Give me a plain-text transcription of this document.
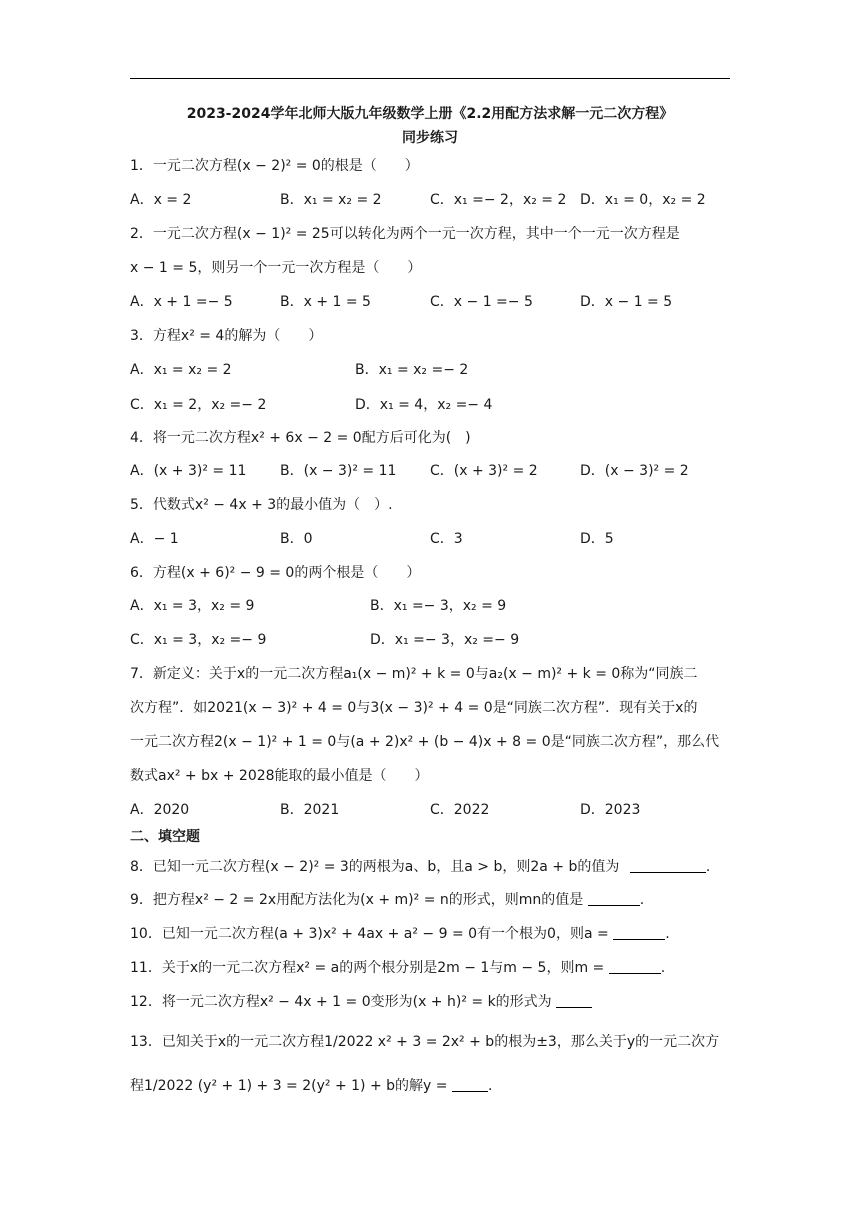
2023-2024学年北师大版九年级数学上册《2.2用配方法求解一元二次方程》
同步练习
1．一元二次方程(x − 2)² = 0的根是（　　）
A．x = 2	B．x₁ = x₂ = 2	C．x₁ =− 2，x₂ = 2 D．x₁ = 0，x₂ = 2
2．一元二次方程(x − 1)² = 25可以转化为两个一元一次方程，其中一个一元一次方程是
x − 1 = 5，则另一个一元一次方程是（　　）
A．x + 1 =− 5	B．x + 1 = 5	C．x − 1 =− 5	D．x − 1 = 5
3．方程x² = 4的解为（　　）
A．x₁ = x₂ = 2	B．x₁ = x₂ =− 2
C．x₁ = 2，x₂ =− 2	D．x₁ = 4，x₂ =− 4
4．将一元二次方程x² + 6x − 2 = 0配方后可化为(　)
A．(x + 3)² = 11 B．(x − 3)² = 11 C．(x + 3)² = 2	D．(x − 3)² = 2
5．代数式x² − 4x + 3的最小值为（　）.
A．− 1	B．0	C．3	D．5
6．方程(x + 6)² − 9 = 0的两个根是（　　）
A．x₁ = 3，x₂ = 9	B．x₁ =− 3，x₂ = 9
C．x₁ = 3，x₂ =− 9	D．x₁ =− 3，x₂ =− 9
7．新定义：关于x的一元二次方程a₁(x − m)² + k = 0与a₂(x − m)² + k = 0称为“同族二
次方程”．如2021(x − 3)² + 4 = 0与3(x − 3)² + 4 = 0是“同族二次方程”．现有关于x的
一元二次方程2(x − 1)² + 1 = 0与(a + 2)x² + (b − 4)x + 8 = 0是“同族二次方程”，那么代
数式ax² + bx + 2028能取的最小值是（　　）
A．2020	B．2021	C．2022	D．2023
二、填空题
8．已知一元二次方程(x − 2)² = 3的两根为a、b，且a > b，则2a + b的值为	.
9．把方程x² − 2 = 2x用配方法化为(x + m)² = n的形式，则mn的值是	.
10．已知一元二次方程(a + 3)x² + 4ax + a² − 9 = 0有一个根为0，则a =	.
11．关于x的一元二次方程x² = a的两个根分别是2m − 1与m − 5，则m =	.
12．将一元二次方程x² − 4x + 1 = 0变形为(x + h)² = k的形式为
13．已知关于x的一元二次方程1/2022 x² + 3 = 2x² + b的根为±3，那么关于y的一元二次方
程1/2022 (y² + 1) + 3 = 2(y² + 1) + b的解y =	.
